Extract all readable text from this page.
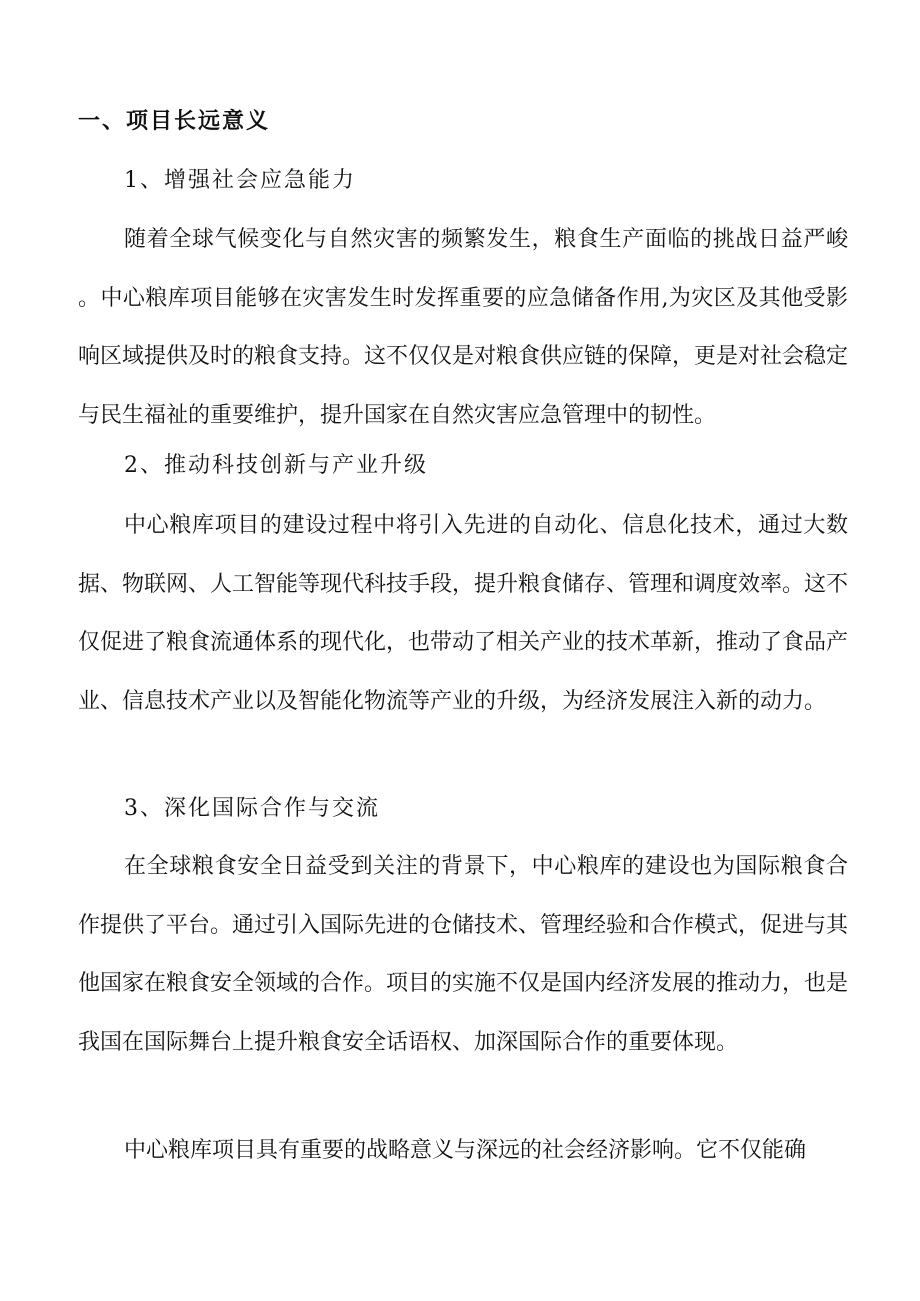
一、项目长远意义

1、增强社会应急能力

随着全球气候变化与自然灾害的频繁发生，粮食生产面临的挑战日益严峻。中心粮库项目能够在灾害发生时发挥重要的应急储备作用,为灾区及其他受影响区域提供及时的粮食支持。这不仅仅是对粮食供应链的保障，更是对社会稳定与民生福祉的重要维护，提升国家在自然灾害应急管理中的韧性。

2、推动科技创新与产业升级

中心粮库项目的建设过程中将引入先进的自动化、信息化技术，通过大数据、物联网、人工智能等现代科技手段，提升粮食储存、管理和调度效率。这不仅促进了粮食流通体系的现代化，也带动了相关产业的技术革新，推动了食品产业、信息技术产业以及智能化物流等产业的升级，为经济发展注入新的动力。

3、深化国际合作与交流

在全球粮食安全日益受到关注的背景下，中心粮库的建设也为国际粮食合作提供了平台。通过引入国际先进的仓储技术、管理经验和合作模式，促进与其他国家在粮食安全领域的合作。项目的实施不仅是国内经济发展的推动力，也是我国在国际舞台上提升粮食安全话语权、加深国际合作的重要体现。

中心粮库项目具有重要的战略意义与深远的社会经济影响。它不仅能确
